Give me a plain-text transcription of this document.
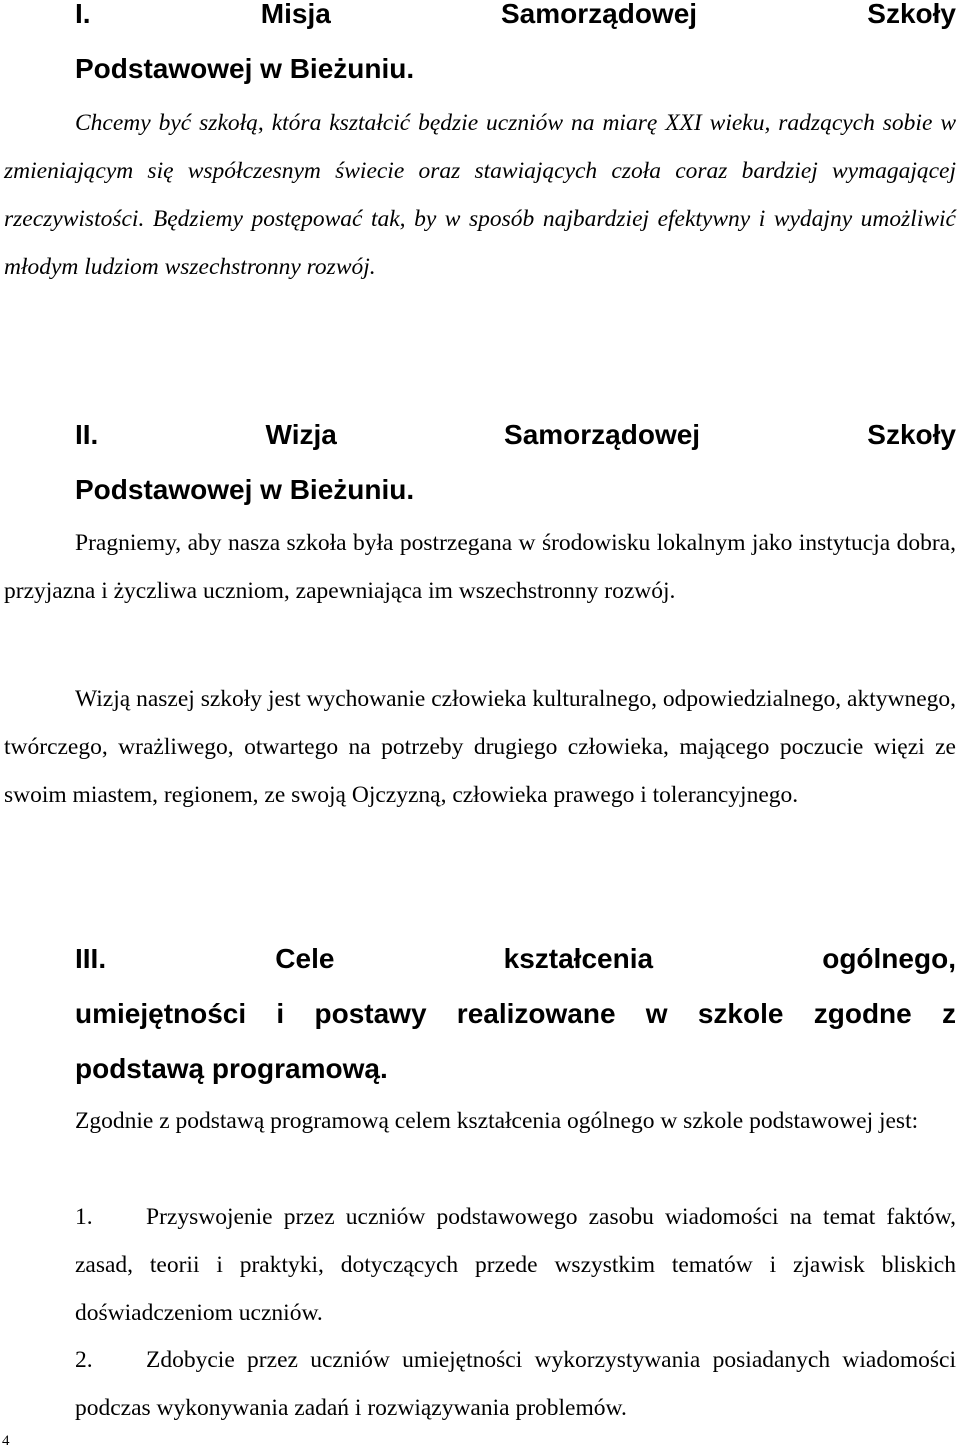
I.	Misja	Samorządowej	Szkoły
Podstawowej w Bieżuniu.
Chcemy być szkołą, która kształcić będzie uczniów na miarę XXI wieku, radzących sobie w zmieniającym się współczesnym świecie oraz stawiających czoła coraz bardziej wymagającej rzeczywistości. Będziemy postępować tak, by w sposób najbardziej efektywny i wydajny umożliwić młodym ludziom wszechstronny rozwój.
II.	Wizja	Samorządowej	Szkoły
Podstawowej w Bieżuniu.
Pragniemy, aby nasza szkoła była postrzegana w środowisku lokalnym jako instytucja dobra, przyjazna i życzliwa uczniom, zapewniająca im wszechstronny rozwój.
Wizją naszej szkoły jest wychowanie człowieka kulturalnego, odpowiedzialnego, aktywnego, twórczego, wrażliwego, otwartego na potrzeby drugiego człowieka, mającego poczucie więzi ze swoim miastem, regionem, ze swoją Ojczyzną, człowieka prawego i tolerancyjnego.
III.	Cele	kształcenia	ogólnego,
umiejętności i postawy realizowane w szkole zgodne z
podstawą programową.
Zgodnie z podstawą programową celem kształcenia ogólnego w szkole podstawowej jest:
1.	Przyswojenie przez uczniów podstawowego zasobu wiadomości na temat faktów, zasad, teorii i praktyki, dotyczących przede wszystkim tematów i zjawisk bliskich doświadczeniom uczniów.
2.	Zdobycie przez uczniów umiejętności wykorzystywania posiadanych wiadomości podczas wykonywania zadań i rozwiązywania problemów.
4
